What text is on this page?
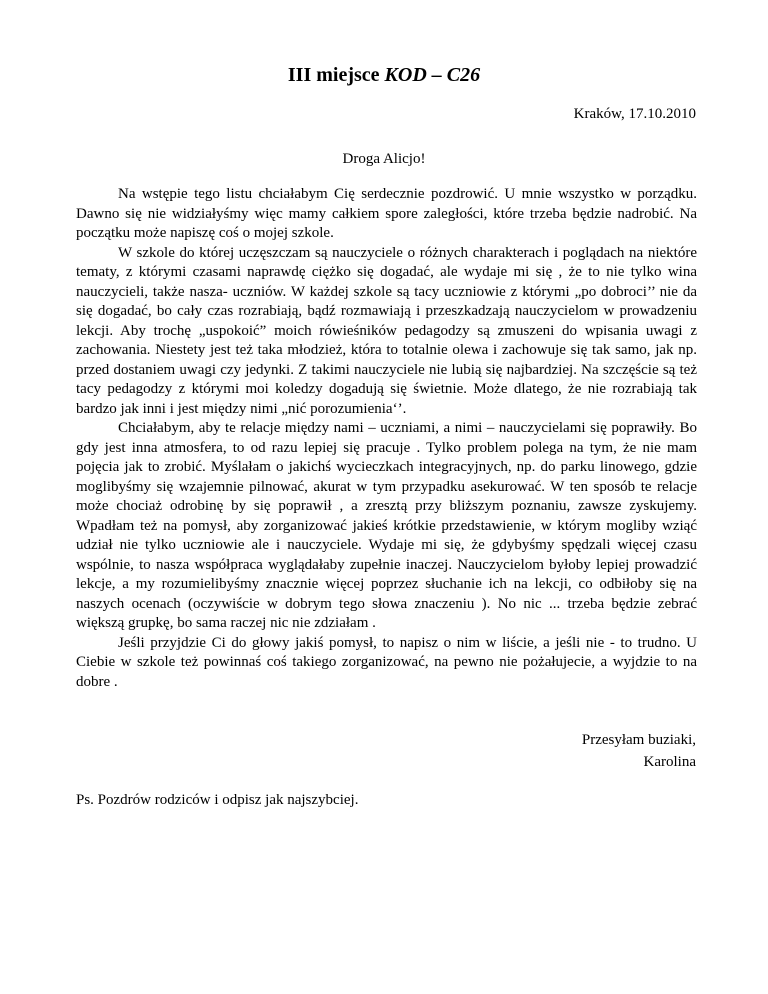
III miejsce KOD – C26
Kraków, 17.10.2010
Droga Alicjo!

Na wstępie tego listu chciałabym Cię serdecznie pozdrowić. U mnie wszystko w porządku. Dawno się nie widziałyśmy więc mamy całkiem spore zaległości, które trzeba będzie nadrobić. Na początku może napiszę coś o mojej szkole.

W szkole do której uczęszczam są nauczyciele o różnych charakterach i poglądach na niektóre tematy, z którymi czasami naprawdę ciężko się dogadać, ale wydaje mi się , że to nie tylko wina nauczycieli, także nasza- uczniów. W każdej szkole są tacy uczniowie z którymi „po dobroci’’ nie da się dogadać, bo cały czas rozrabiają, bądź rozmawiają i przeszkadzają nauczycielom w prowadzeniu lekcji. Aby trochę „uspokoić” moich rówieśników pedagodzy są zmuszeni do wpisania uwagi z zachowania. Niestety jest też taka młodzież, która to totalnie olewa i zachowuje się tak samo, jak np. przed dostaniem uwagi czy jedynki. Z takimi nauczyciele nie lubią się najbardziej. Na szczęście są też tacy pedagodzy z którymi moi koledzy dogadują się świetnie. Może dlatego, że nie rozrabiają tak bardzo jak inni i jest między nimi „nić porozumienia‘’.

Chciałabym, aby te relacje między nami – uczniami, a nimi – nauczycielami się poprawiły. Bo gdy jest inna atmosfera, to od razu lepiej się pracuje . Tylko problem polega na tym, że nie mam pojęcia jak to zrobić. Myślałam o jakichś wycieczkach integracyjnych, np. do parku linowego, gdzie moglibyśmy się wzajemnie pilnować, akurat w tym przypadku asekurować. W ten sposób te relacje może chociaż odrobinę by się poprawił , a zresztą przy bliższym poznaniu, zawsze zyskujemy. Wpadłam też na pomysł, aby zorganizować jakieś krótkie przedstawienie, w którym mogliby wziąć udział nie tylko uczniowie ale i nauczyciele. Wydaje mi się, że gdybyśmy spędzali więcej czasu wspólnie, to nasza współpraca wyglądałaby zupełnie inaczej. Nauczycielom byłoby lepiej prowadzić lekcje, a my rozumielibyśmy znacznie więcej poprzez słuchanie ich na lekcji, co odbiłoby się na naszych ocenach (oczywiście w dobrym tego słowa znaczeniu ). No nic ... trzeba będzie zebrać większą grupkę, bo sama raczej nic nie zdziałam .

Jeśli przyjdzie Ci do głowy jakiś pomysł, to napisz o nim w liście, a jeśli nie - to trudno. U Ciebie w szkole też powinnaś coś takiego zorganizować, na pewno nie pożałujecie, a wyjdzie to na dobre .

Przesyłam buziaki,
Karolina
Ps. Pozdrów rodziców i odpisz jak najszybciej.
